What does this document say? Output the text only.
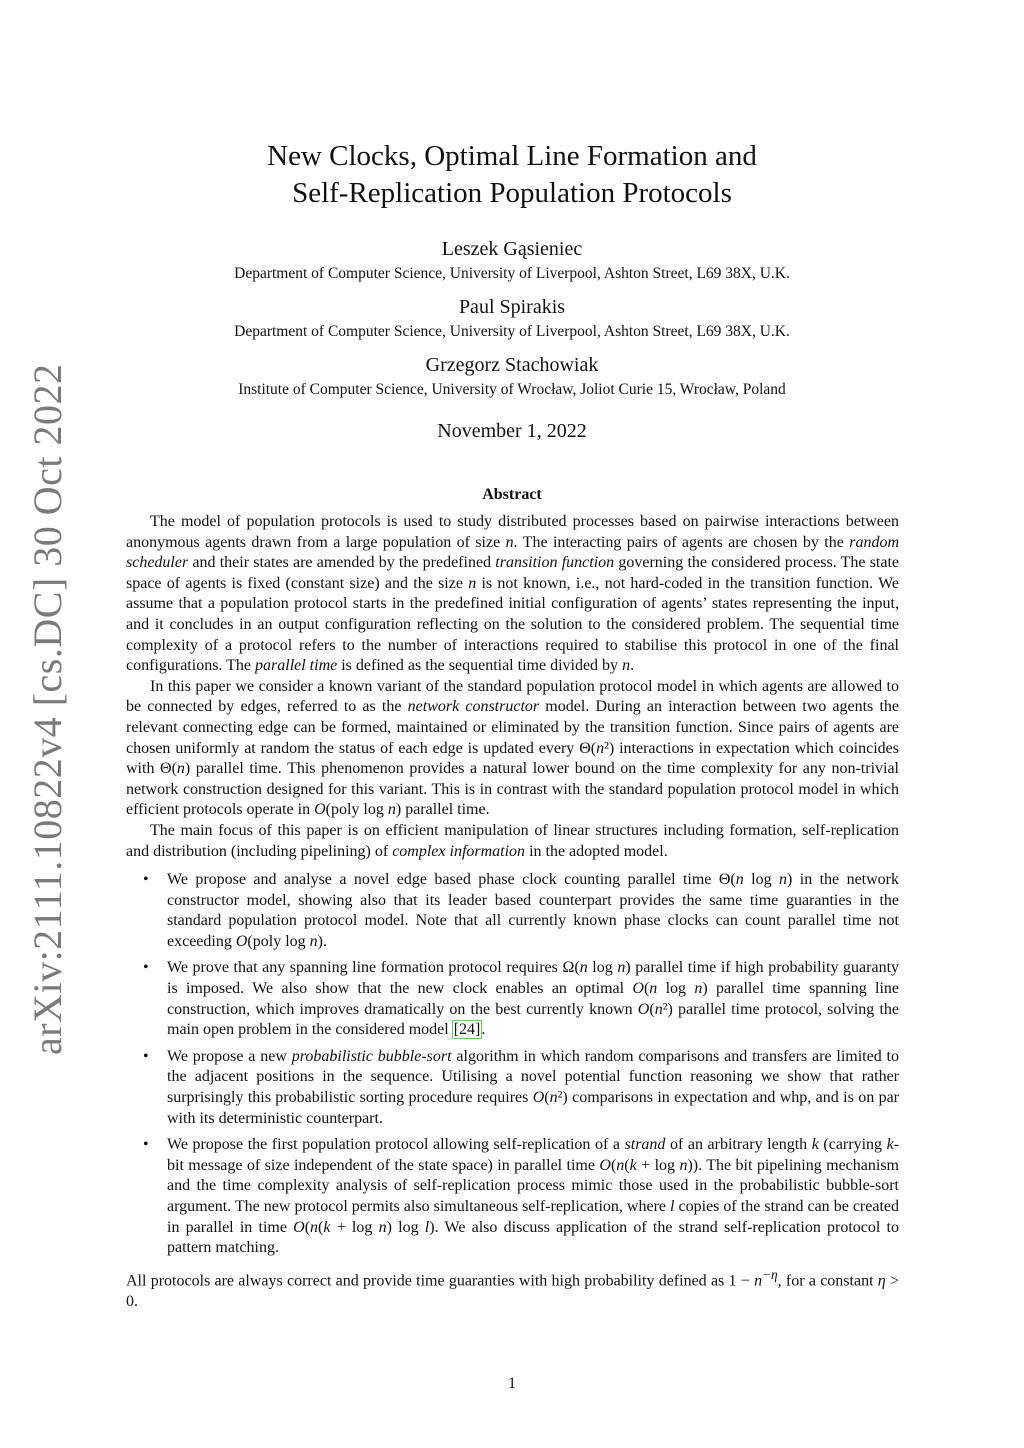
arXiv:2111.10822v4 [cs.DC] 30 Oct 2022
New Clocks, Optimal Line Formation and
Self-Replication Population Protocols
Leszek Gąsieniec
Department of Computer Science, University of Liverpool, Ashton Street, L69 38X, U.K.
Paul Spirakis
Department of Computer Science, University of Liverpool, Ashton Street, L69 38X, U.K.
Grzegorz Stachowiak
Institute of Computer Science, University of Wrocław, Joliot Curie 15, Wrocław, Poland
November 1, 2022
Abstract

The model of population protocols is used to study distributed processes based on pairwise interactions between anonymous agents drawn from a large population of size n. The interacting pairs of agents are chosen by the random scheduler and their states are amended by the predefined transition function governing the considered process. The state space of agents is fixed (constant size) and the size n is not known, i.e., not hard-coded in the transition function. We assume that a population protocol starts in the predefined initial configuration of agents’ states representing the input, and it concludes in an output configuration reflecting on the solution to the considered problem. The sequential time complexity of a protocol refers to the number of interactions required to stabilise this protocol in one of the final configurations. The parallel time is defined as the sequential time divided by n.

In this paper we consider a known variant of the standard population protocol model in which agents are allowed to be connected by edges, referred to as the network constructor model. During an interaction between two agents the relevant connecting edge can be formed, maintained or eliminated by the transition function. Since pairs of agents are chosen uniformly at random the status of each edge is updated every Θ(n²) interactions in expectation which coincides with Θ(n) parallel time. This phenomenon provides a natural lower bound on the time complexity for any non-trivial network construction designed for this variant. This is in contrast with the standard population protocol model in which efficient protocols operate in O(poly log n) parallel time.

The main focus of this paper is on efficient manipulation of linear structures including formation, self-replication and distribution (including pipelining) of complex information in the adopted model.

• We propose and analyse a novel edge based phase clock counting parallel time Θ(n log n) in the network constructor model, showing also that its leader based counterpart provides the same time guaranties in the standard population protocol model. Note that all currently known phase clocks can count parallel time not exceeding O(poly log n).
• We prove that any spanning line formation protocol requires Ω(n log n) parallel time if high probability guaranty is imposed. We also show that the new clock enables an optimal O(n log n) parallel time spanning line construction, which improves dramatically on the best currently known O(n²) parallel time protocol, solving the main open problem in the considered model [24].
• We propose a new probabilistic bubble-sort algorithm in which random comparisons and transfers are limited to the adjacent positions in the sequence. Utilising a novel potential function reasoning we show that rather surprisingly this probabilistic sorting procedure requires O(n²) comparisons in expectation and whp, and is on par with its deterministic counterpart.
• We propose the first population protocol allowing self-replication of a strand of an arbitrary length k (carrying k-bit message of size independent of the state space) in parallel time O(n(k + log n)). The bit pipelining mechanism and the time complexity analysis of self-replication process mimic those used in the probabilistic bubble-sort argument. The new protocol permits also simultaneous self-replication, where l copies of the strand can be created in parallel in time O(n(k + log n) log l). We also discuss application of the strand self-replication protocol to pattern matching.

All protocols are always correct and provide time guaranties with high probability defined as $1 - n^{-\eta}$, for a constant η > 0.

1
